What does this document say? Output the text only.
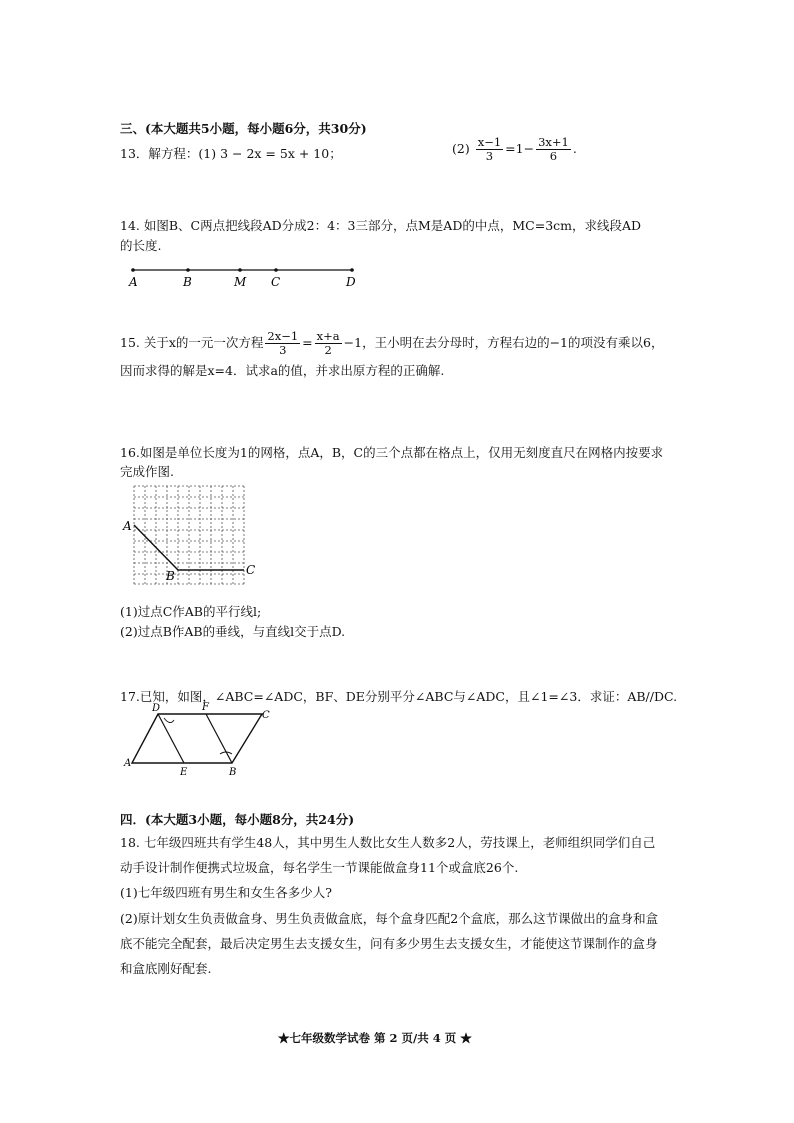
三、(本大题共5小题，每小题6分，共30分)
13．解方程：(1) 3 − 2x = 5x + 10；	$(2) \frac{x-1}{3} =1- \frac{3x+1}{6}$ .
14. 如图B、C两点把线段AD分成2：4：3三部分，点M是AD的中点，MC=3cm，求线段AD
的长度.
A	B	M C	D
15. 关于x的一元一次方程 $\frac{2x-1}{3} = \frac{x+a}{2} -1$，王小明在去分母时，方程右边的−1的项没有乘以6，
因而求得的解是x=4．试求a的值，并求出原方程的正确解.
16.如图是单位长度为1的网格，点A，B，C的三个点都在格点上，仅用无刻度直尺在网格内按要求
完成作图.
A
B	C
(1)过点C作AB的平行线l;
(2)过点B作AB的垂线，与直线l交于点D.
17.已知，如图，∠ABC=∠ADC，BF、DE分别平分∠ABC与∠ADC，且∠1=∠3．求证：AB//DC.
D	F
C
A
E	B
四．(本大题3小题，每小题8分，共24分)
18. 七年级四班共有学生48人，其中男生人数比女生人数多2人，劳技课上，老师组织同学们自己
动手设计制作便携式垃圾盒，每名学生一节课能做盒身11个或盒底26个.
(1)七年级四班有男生和女生各多少人?
(2)原计划女生负责做盒身、男生负责做盒底，每个盒身匹配2个盒底，那么这节课做出的盒身和盒
底不能完全配套，最后决定男生去支援女生，问有多少男生去支援女生，才能使这节课制作的盒身
和盒底刚好配套.
★七年级数学试卷 第 2 页/共 4 页 ★
